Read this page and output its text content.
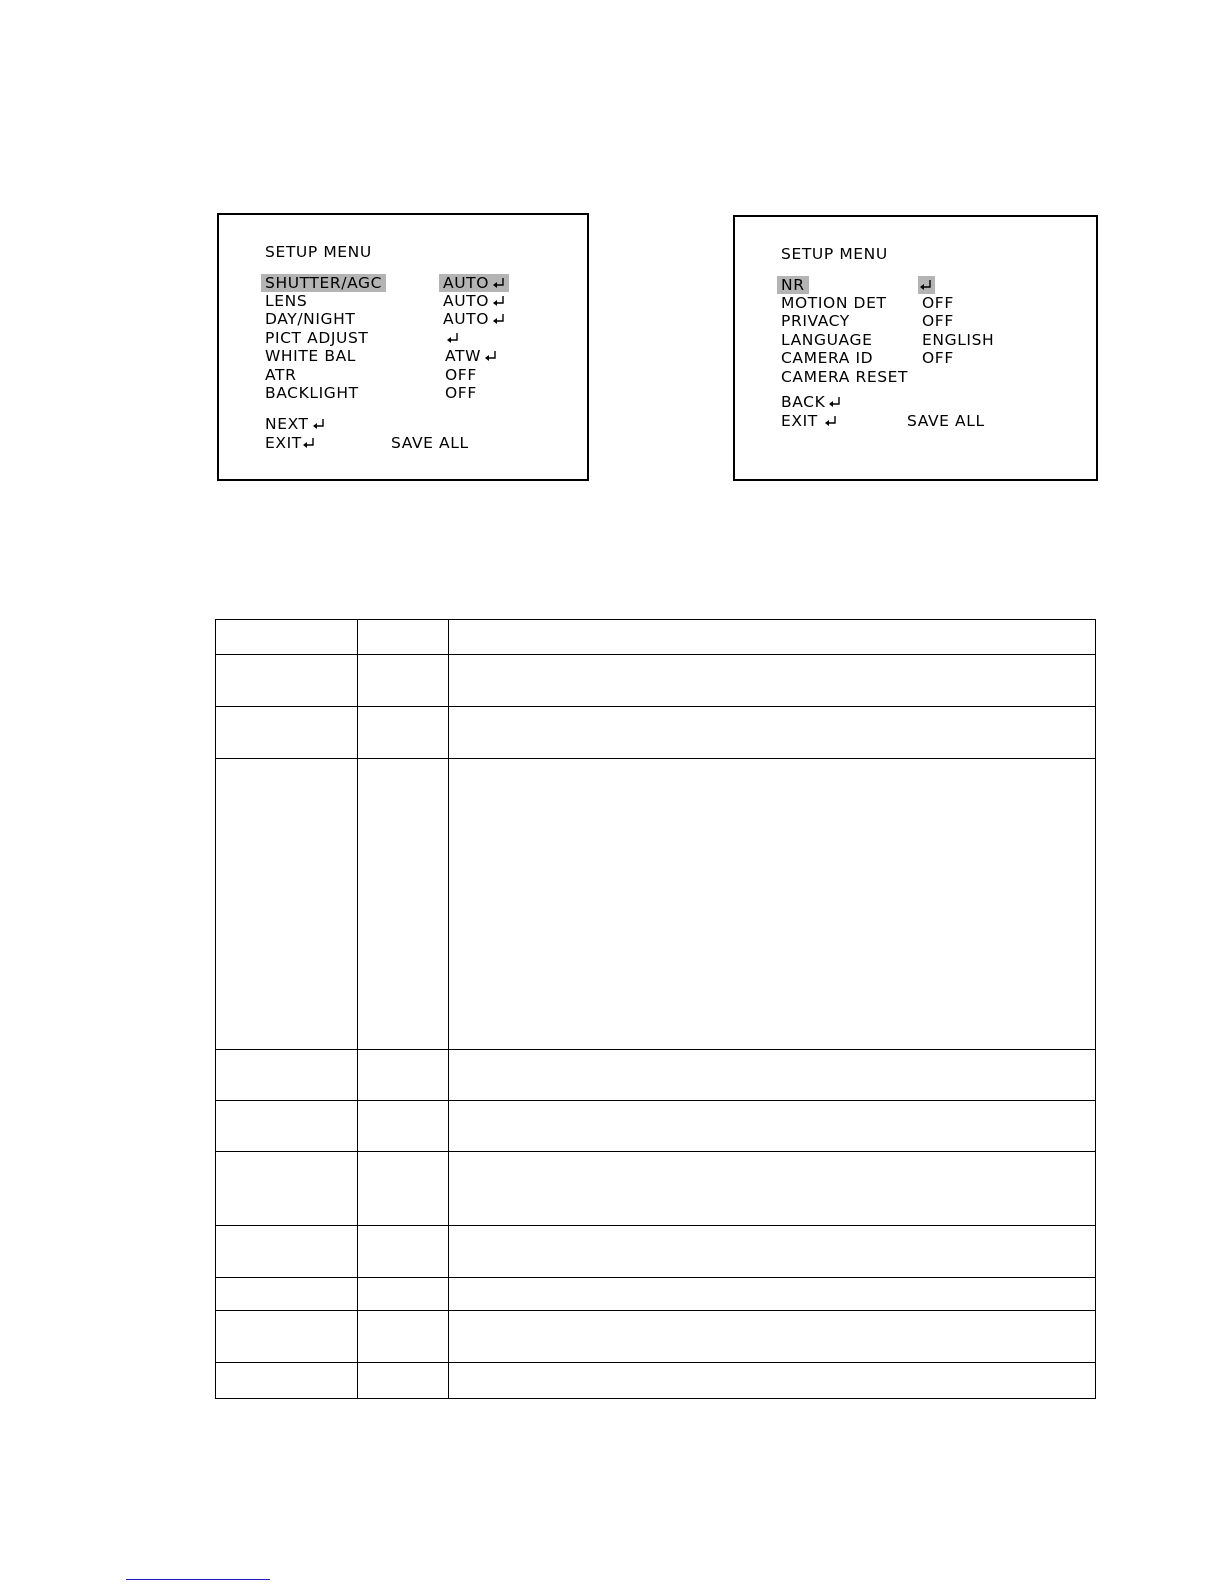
SETUP MENU
SHUTTER/AGC	AUTO
LENS	AUTO
DAY/NIGHT	AUTO
PICT ADJUST
WHITE BAL	ATW
ATR	OFF
BACKLIGHT	OFF
NEXT
EXIT	SAVE ALL
SETUP MENU
NR
MOTION DET OFF
PRIVACY	OFF
LANGUAGE	ENGLISH
CAMERA ID	OFF
CAMERA RESET
BACK
EXIT	SAVE ALL
